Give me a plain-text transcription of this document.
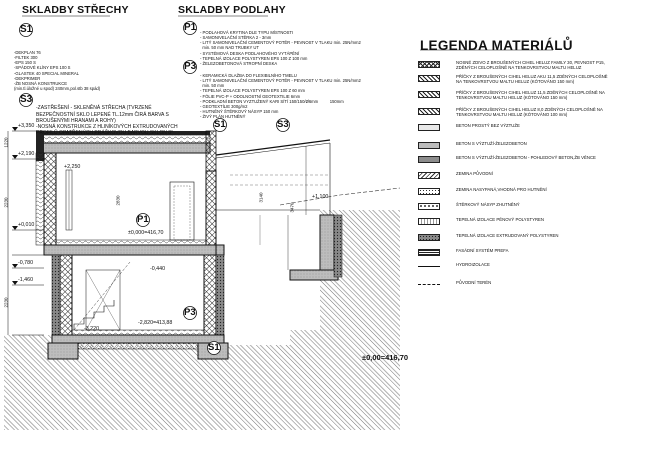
SKLADBY STŘECHY
S1

-DEKPLAN 76
-FILTEK 300
-EPS 150 S
-SPÁDOVÉ KLÍNY EPS 100 S
-GLASTEK 40 SPECIAL MINERAL
-DEKPRIMER
-ŽB NOSNÁ KONSTRUKCE
(min.tl.úložné u spod) 240mm,pol.stb 38 spád)

S3

-ZASTŘEŠENÍ - SKLENĚNÁ STŘECHA (TVRZENÉ
BEZPEČNOSTNÍ SKLO LEPENÉ TL.12mm ČIRÁ BARVA S
BROUŠENÝMI HRANAMI A ROHY)
-NOSNÁ KONSTRUKCE Z HLINÍKOVÝCH EXTRUDOVANÝCH
PROFILŮ OPATŘENÝCH PRÁŠKOVOU BARVOU,SKLON 8°

SKLADBY PODLAHY
P1

- PODLAHOVÁ KRYTINA DLE TYPU MÍSTNOSTI
- SAMONIVELAČNÍ STĚRKA 2 - 3mm
- LITÝ SAMONIVELAČNÍ CEMENTOVÝ POTĚR - PEVNOST V TLAKU min. 25N/mm2
min. 50 mm NAD TRUBKY UT
- SYSTÉMOVÁ DESKA PODLAHOVÉHO VYTÁPĚNÍ
- TEPELNÁ IZOLACE POLYSTYREN EPS 100 Z 100 mm
- ŽELEZOBETONOVÁ STROPNÍ DESKA

P3

- KERAMICKÁ DLAŽBA DO FLEXIBILNÍHO TMELU
- LITÝ SAMONIVELAČNÍ CEMENTOVÝ POTĚR - PEVNOST V TLAKU min. 25N/mm2
min. 50 mm
- TEPELNÁ IZOLACE POLYSTYREN EPS 100 Z 60 mm
- FÓLIE PVC-P + ODOLNOSTNÍ GEOTEXTILIE 6mm
- PODKLADNÍ BETON VYZTUŽENÝ KARI SÍTÍ 150/150/Ø6mm          150mm
- GEOTEXTÍLIE 300g/m2
- HUTNĚNÝ ŠTĚRKOVÝ NÁSYP 150 mm
- ŽIVÝ PLÁN HUTNĚNÝ

+3,350
+2,190
+2,250
+0,010
-0,780
-1,460
1220
2230
2230
3140
3470
2830
±0,000=416,70
-2,820=413,88
-0,440
-3,220
+1,100
S1	S3
P1
P3
S1
±0,00=416,70
LEGENDA MATERIÁLŮ
NOSNÉ ZDIVO Z BROUŠENÝCH CIHEL HELUZ FAMILY 30, PEVNOST P15,
ZDĚNÝCH CELOPLOŠNĚ NA TENKOVRSTVOU MALTU HELUZ
PŘÍČKY Z BROUŠENÝCH CIHEL HELUZ AKU 11,5 ZDĚNÝCH CELOPLOŠNĚ
NA TENKOVRSTVOU MALTU HELUZ (KÓTOVÁNO 150 mm)
PŘÍČKY Z BROUŠENÝCH CIHEL HELUZ 11,5 ZDĚNÝCH CELOPLOŠNĚ NA
TENKOVRSTVOU MALTU HELUZ (KÓTOVÁNO 150 mm)
PŘÍČKY Z BROUŠENÝCH CIHEL HELUZ 8,0 ZDĚNÝCH CELOPLOŠNĚ NA
TENKOVRSTVOU MALTU HELUZ (KÓTOVÁNO 100 mm)
BETON PROSTÝ BEZ VÝZTUŽE
BETON S VÝZTUŽÍ-ŽELEZOBETON
BETON S VÝZTUŽÍ-ŽELEZOBETON - POHLEDOVÝ BETON,ŽB VĚNCE
ZEMINA PŮVODNÍ
ZEMINA NASYPANÁ,VHODNÁ PRO HUTNĚNÍ
ŠTĚRKOVÝ NÁSYP ZHUTNĚNÝ
TEPELNÁ IZOLACE PĚNOVÝ POLYSTYREN
TEPELNÁ IZOLACE EXTRUDOVANÝ POLYSTYREN
FASÁDNÍ SYSTÉM PREFA
HYDROIZOLACE
PŮVODNÍ TERÉN
